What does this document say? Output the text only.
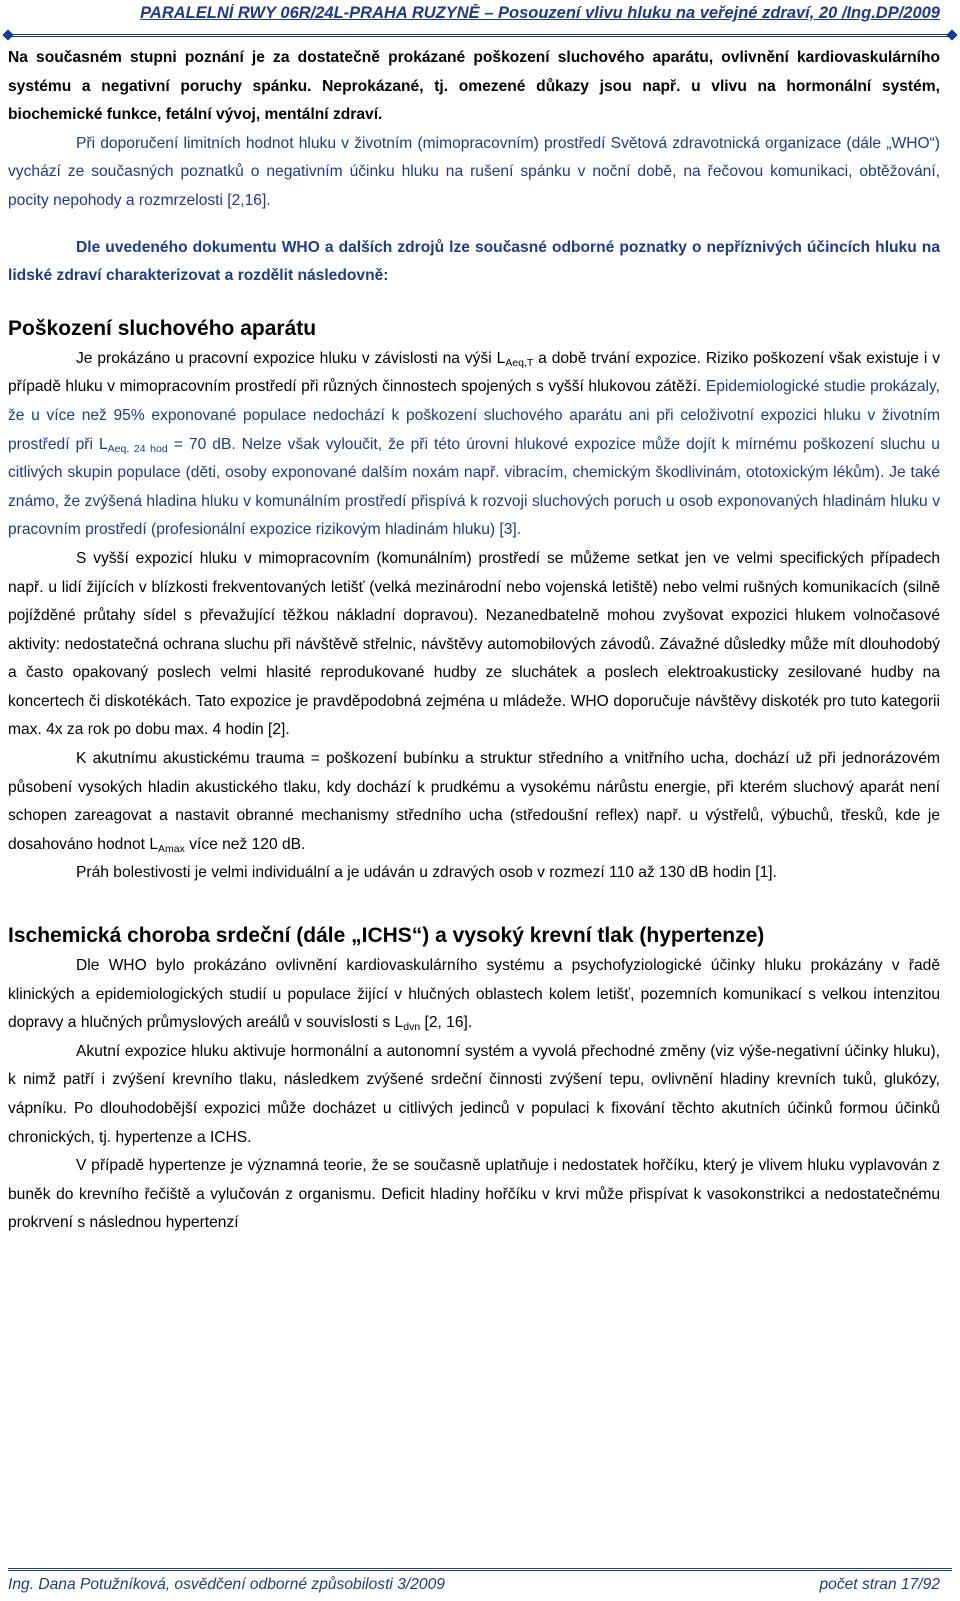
PARALELNÍ RWY 06R/24L-PRAHA RUZYNĚ – Posouzení vlivu hluku na veřejné zdraví, 20 /Ing.DP/2009

Na současném stupni poznání je za dostatečně prokázané poškození sluchového aparátu, ovlivnění kardiovaskulárního systému a negativní poruchy spánku. Neprokázané, tj. omezené důkazy jsou např. u vlivu na hormonální systém, biochemické funkce, fetální vývoj, mentální zdraví.

Při doporučení limitních hodnot hluku v životním (mimopracovním) prostředí Světová zdravotnická organizace (dále „WHO“) vychází ze současných poznatků o negativním účinku hluku na rušení spánku v noční době, na řečovou komunikaci, obtěžování, pocity nepohody a rozmrzelosti [2,16].

Dle uvedeného dokumentu WHO a dalších zdrojů lze současné odborné poznatky o nepříznivých účincích hluku na lidské zdraví charakterizovat a rozdělit následovně:

Poškození sluchového aparátu

Je prokázáno u pracovní expozice hluku v závislosti na výši $L_{Aeq,T}$ a době trvání expozice. Riziko poškození však existuje i v případě hluku v mimopracovním prostředí při různých činnostech spojených s vyšší hlukovou zátěží. Epidemiologické studie prokázaly, že u více než 95% exponované populace nedochází k poškození sluchového aparátu ani při celoživotní expozici hluku v životním prostředí při $L_{Aeq, 24 hod} = 70$ dB. Nelze však vyloučit, že při této úrovni hlukové expozice může dojít k mírnému poškození sluchu u citlivých skupin populace (děti, osoby exponované dalším noxám např. vibracím, chemickým škodlivinám, ototoxickým lékům). Je také známo, že zvýšená hladina hluku v komunálním prostředí přispívá k rozvoji sluchových poruch u osob exponovaných hladinám hluku v pracovním prostředí (profesionální expozice rizikovým hladinám hluku) [3].

S vyšší expozicí hluku v mimopracovním (komunálním) prostředí se můžeme setkat jen ve velmi specifických případech např. u lidí žijících v blízkosti frekventovaných letišť (velká mezinárodní nebo vojenská letiště) nebo velmi rušných komunikacích (silně pojížděné průtahy sídel s převažující těžkou nákladní dopravou). Nezanedbatelně mohou zvyšovat expozici hlukem volnočasové aktivity: nedostatečná ochrana sluchu při návštěvě střelnic, návštěvy automobilových závodů. Závažné důsledky může mít dlouhodobý a často opakovaný poslech velmi hlasité reprodukované hudby ze sluchátek a poslech elektroakusticky zesilované hudby na koncertech či diskotékách. Tato expozice je pravděpodobná zejména u mládeže. WHO doporučuje návštěvy diskoték pro tuto kategorii max. 4x za rok po dobu max. 4 hodin [2].

K akutnímu akustickému trauma = poškození bubínku a struktur středního a vnitřního ucha, dochází už při jednorázovém působení vysokých hladin akustického tlaku, kdy dochází k prudkému a vysokému nárůstu energie, při kterém sluchový aparát není schopen zareagovat a nastavit obranné mechanismy středního ucha (středoušní reflex) např. u výstřelů, výbuchů, třesků, kde je dosahováno hodnot $L_{Amax}$ více než 120 dB.

Práh bolestivosti je velmi individuální a je udáván u zdravých osob v rozmezí 110 až 130 dB hodin [1].

Ischemická choroba srdeční (dále „ICHS“) a vysoký krevní tlak (hypertenze)

Dle WHO bylo prokázáno ovlivnění kardiovaskulárního systému a psychofyziologické účinky hluku prokázány v řadě klinických a epidemiologických studií u populace žijící v hlučných oblastech kolem letišť, pozemních komunikací s velkou intenzitou dopravy a hlučných průmyslových areálů v souvislosti s $L_{dvn}$ [2, 16].

Akutní expozice hluku aktivuje hormonální a autonomní systém a vyvolá přechodné změny (viz výše-negativní účinky hluku), k nimž patří i zvýšení krevního tlaku, následkem zvýšené srdeční činnosti zvýšení tepu, ovlivnění hladiny krevních tuků, glukózy, vápníku. Po dlouhodobější expozici může docházet u citlivých jedinců v populaci k fixování těchto akutních účinků formou účinků chronických, tj. hypertenze a ICHS.

V případě hypertenze je významná teorie, že se současně uplatňuje i nedostatek hořčíku, který je vlivem hluku vyplavován z buněk do krevního řečiště a vylučován z organismu. Deficit hladiny hořčíku v krvi může přispívat k vasokonstrikci a nedostatečnému prokrvení s následnou hypertenzí

Ing. Dana Potužníková, osvědčení odborné způsobilosti 3/2009	počet stran 17/92
